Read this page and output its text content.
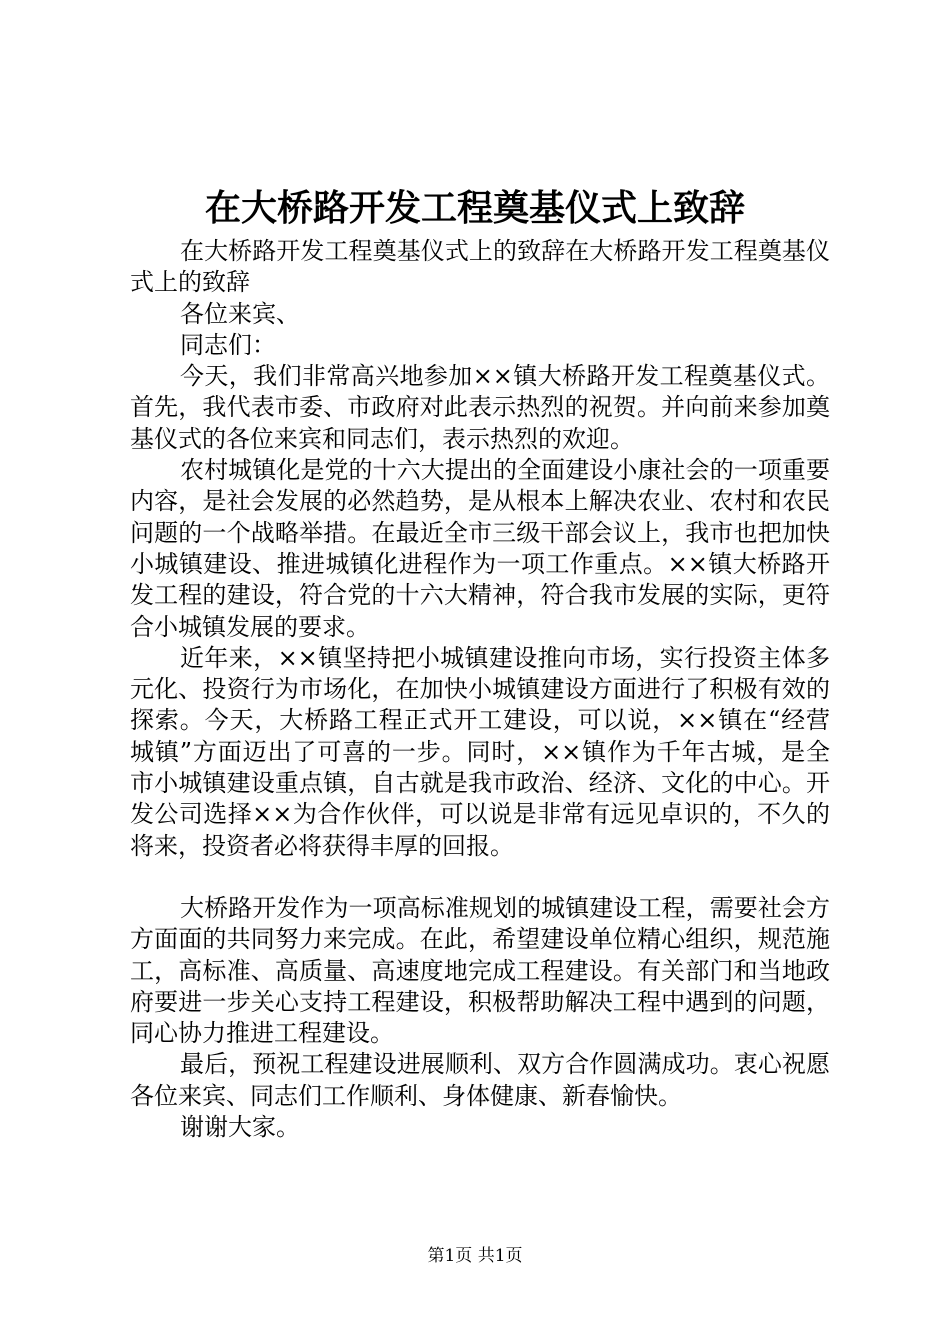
在大桥路开发工程奠基仪式上致辞

在大桥路开发工程奠基仪式上的致辞在大桥路开发工程奠基仪式上的致辞

各位来宾、

同志们：

今天，我们非常高兴地参加××镇大桥路开发工程奠基仪式。首先，我代表市委、市政府对此表示热烈的祝贺。并向前来参加奠基仪式的各位来宾和同志们，表示热烈的欢迎。

农村城镇化是党的十六大提出的全面建设小康社会的一项重要内容，是社会发展的必然趋势，是从根本上解决农业、农村和农民问题的一个战略举措。在最近全市三级干部会议上，我市也把加快小城镇建设、推进城镇化进程作为一项工作重点。××镇大桥路开发工程的建设，符合党的十六大精神，符合我市发展的实际，更符合小城镇发展的要求。

近年来，××镇坚持把小城镇建设推向市场，实行投资主体多元化、投资行为市场化，在加快小城镇建设方面进行了积极有效的探索。今天，大桥路工程正式开工建设，可以说，××镇在“经营城镇”方面迈出了可喜的一步。同时，××镇作为千年古城，是全市小城镇建设重点镇，自古就是我市政治、经济、文化的中心。开发公司选择××为合作伙伴，可以说是非常有远见卓识的，不久的将来，投资者必将获得丰厚的回报。

大桥路开发作为一项高标准规划的城镇建设工程，需要社会方方面面的共同努力来完成。在此，希望建设单位精心组织，规范施工，高标准、高质量、高速度地完成工程建设。有关部门和当地政府要进一步关心支持工程建设，积极帮助解决工程中遇到的问题，同心协力推进工程建设。

最后，预祝工程建设进展顺利、双方合作圆满成功。衷心祝愿各位来宾、同志们工作顺利、身体健康、新春愉快。

谢谢大家。

第1页 共1页
